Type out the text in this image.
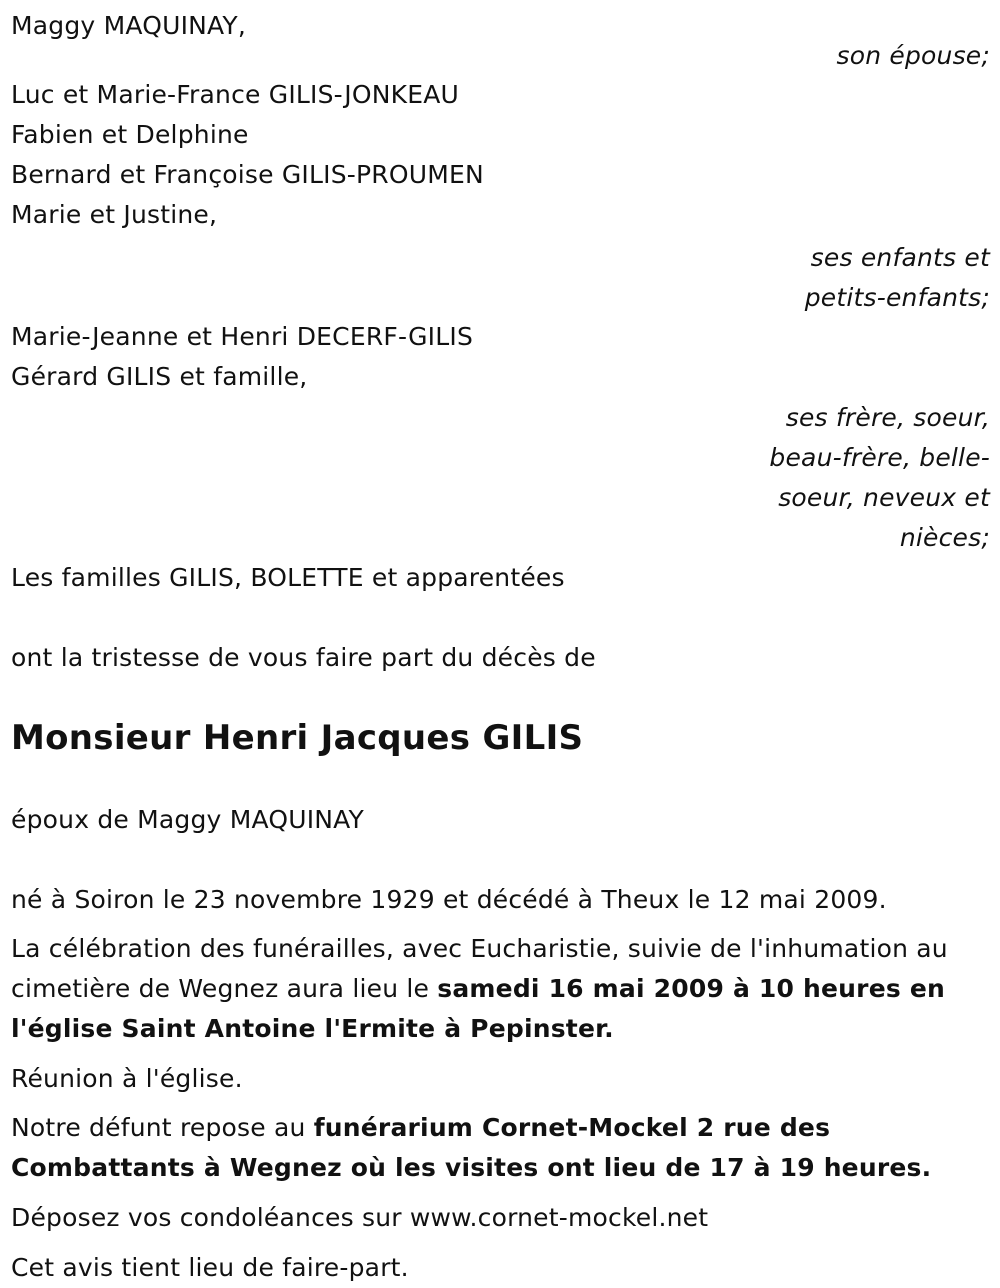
Maggy MAQUINAY,
son épouse;
Luc et Marie-France GILIS-JONKEAU
Fabien et Delphine
Bernard et Françoise GILIS-PROUMEN
Marie et Justine,
ses enfants et
petits-enfants;
Marie-Jeanne et Henri DECERF-GILIS
Gérard GILIS et famille,
ses frère, soeur,
beau-frère, belle-
soeur, neveux et
nièces;
Les familles GILIS, BOLETTE et apparentées
ont la tristesse de vous faire part du décès de
Monsieur Henri Jacques GILIS
époux de Maggy MAQUINAY
né à Soiron le 23 novembre 1929 et décédé à Theux le 12 mai 2009.

La célébration des funérailles, avec Eucharistie, suivie de l'inhumation au cimetière de Wegnez aura lieu le samedi 16 mai 2009 à 10 heures en l'église Saint Antoine l'Ermite à Pepinster.

Réunion à l'église.

Notre défunt repose au funérarium Cornet-Mockel 2 rue des Combattants à Wegnez où les visites ont lieu de 17 à 19 heures.

Déposez vos condoléances sur www.cornet-mockel.net
Cet avis tient lieu de faire-part.
